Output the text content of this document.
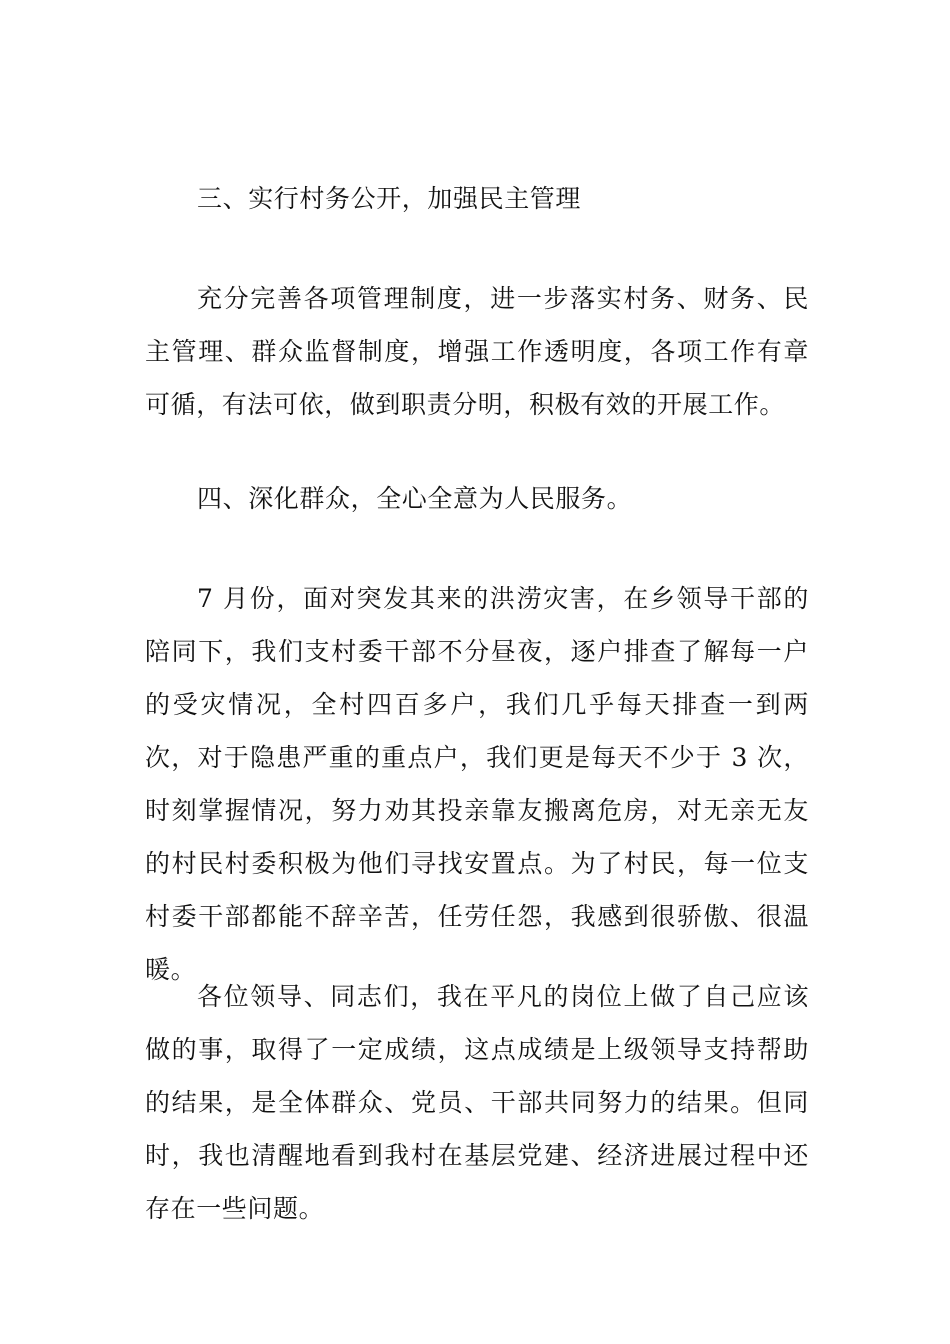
三、实行村务公开，加强民主管理

充分完善各项管理制度，进一步落实村务、财务、民主管理、群众监督制度，增强工作透明度，各项工作有章可循，有法可依，做到职责分明，积极有效的开展工作。

四、深化群众，全心全意为人民服务。

7 月份，面对突发其来的洪涝灾害，在乡领导干部的陪同下，我们支村委干部不分昼夜，逐户排查了解每一户的受灾情况，全村四百多户，我们几乎每天排查一到两次，对于隐患严重的重点户，我们更是每天不少于 3 次，时刻掌握情况，努力劝其投亲靠友搬离危房，对无亲无友的村民村委积极为他们寻找安置点。为了村民，每一位支村委干部都能不辞辛苦，任劳任怨，我感到很骄傲、很温暖。

各位领导、同志们，我在平凡的岗位上做了自己应该做的事，取得了一定成绩，这点成绩是上级领导支持帮助的结果，是全体群众、党员、干部共同努力的结果。但同时，我也清醒地看到我村在基层党建、经济进展过程中还存在一些问题。
